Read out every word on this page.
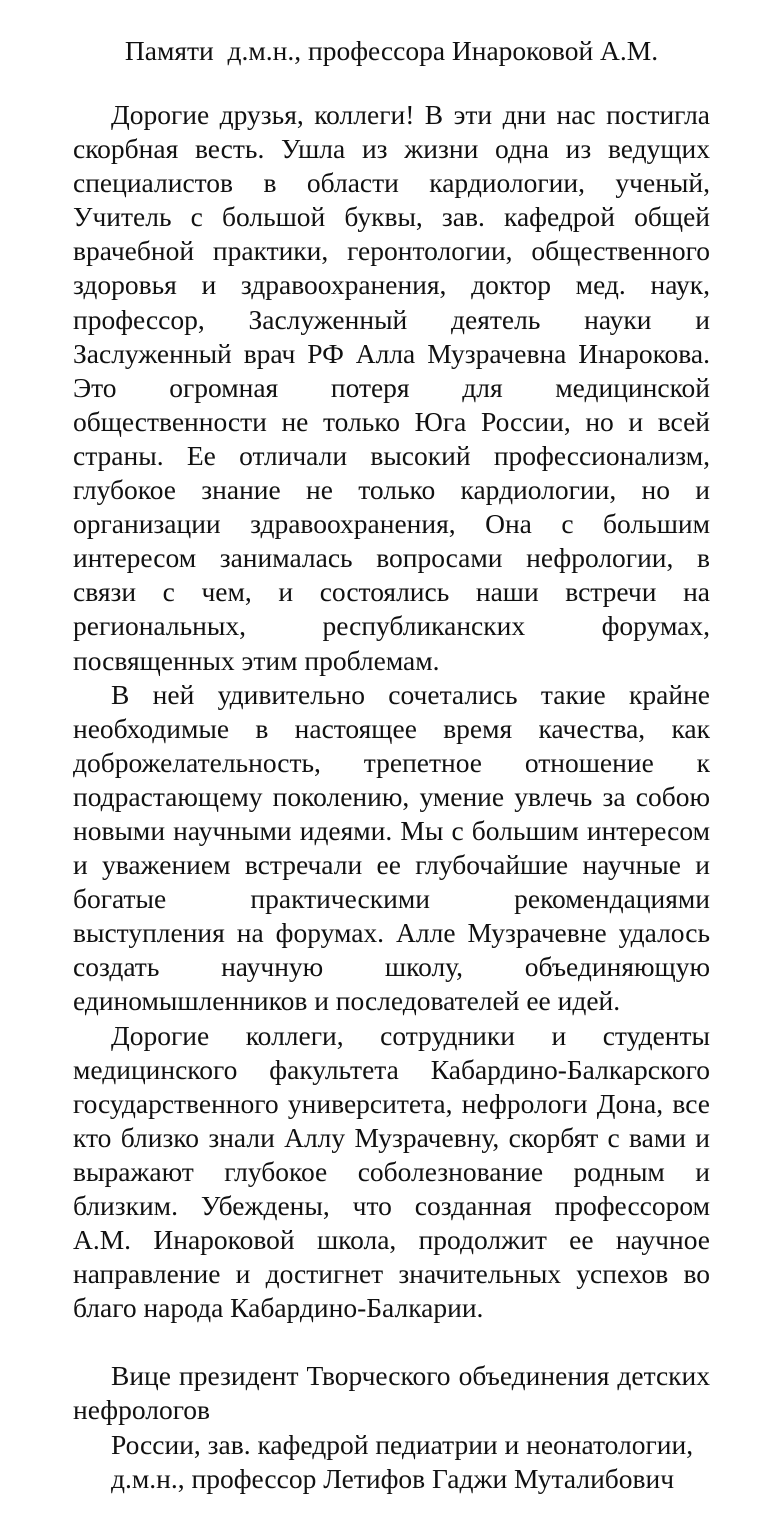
Памяти  д.м.н., профессора Инароковой А.М.

Дорогие друзья, коллеги! В эти дни нас постигла скорбная весть. Ушла из жизни одна из ведущих специалистов в области кардиологии, ученый, Учитель с большой буквы, зав. кафедрой общей врачебной практики, геронтологии, общественного здоровья и здравоохранения, доктор мед. наук, профессор, Заслуженный деятель науки и Заслуженный врач РФ Алла Музрачевна Инарокова. Это огромная потеря для медицинской общественности не только Юга России, но и всей страны. Ее отличали высокий профессионализм, глубокое знание не только кардиологии, но и организации здравоохранения, Она с большим интересом занималась вопросами нефрологии, в связи с чем, и состоялись наши встречи на региональных, республиканских форумах, посвященных этим проблемам.

В ней удивительно сочетались такие крайне необходимые в настоящее время качества, как доброжелательность, трепетное отношение к подрастающему поколению, умение увлечь за собою новыми научными идеями. Мы с большим интересом и уважением встречали ее глубочайшие научные и богатые практическими рекомендациями выступления на форумах. Алле Музрачевне удалось создать научную школу, объединяющую единомышленников и последователей ее идей.

Дорогие коллеги, сотрудники и студенты медицинского факультета Кабардино-Балкарского государственного университета, нефрологи Дона, все кто близко знали Аллу Музрачевну, скорбят с вами и выражают глубокое соболезнование родным и близким. Убеждены, что созданная профессором А.М. Инароковой школа, продолжит ее научное направление и достигнет значительных успехов во благо народа Кабардино-Балкарии.

Вице президент Творческого объединения детских нефрологов

России, зав. кафедрой педиатрии и неонатологии,

д.м.н., профессор Летифов Гаджи Муталибович
